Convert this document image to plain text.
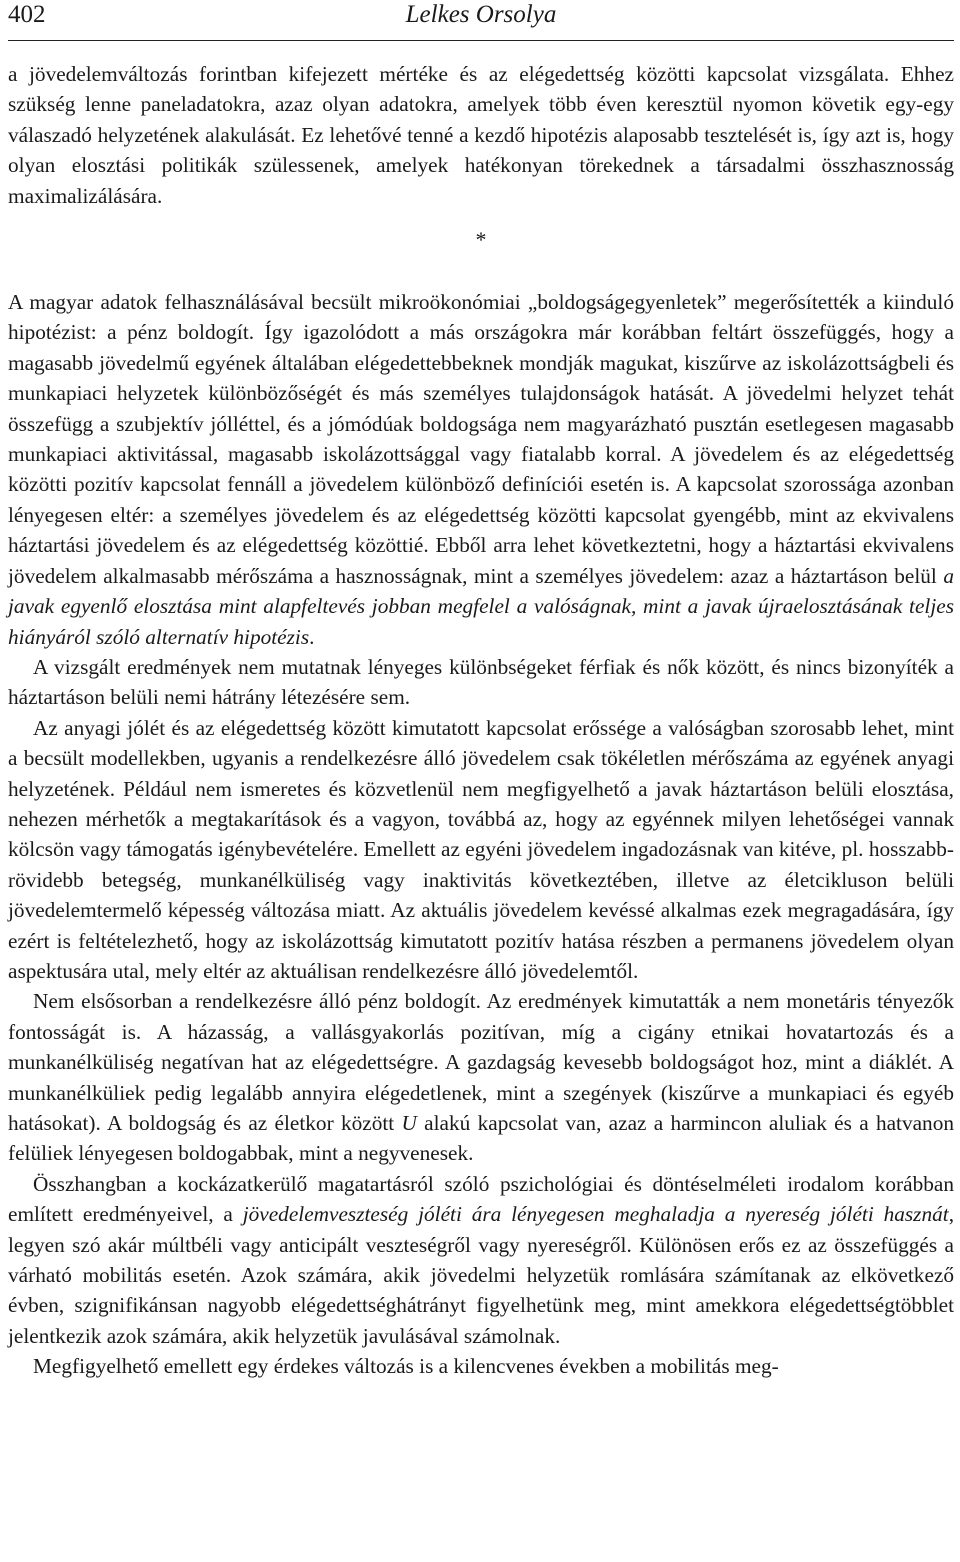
402	Lelkes Orsolya

a jövedelemváltozás forintban kifejezett mértéke és az elégedettség közötti kapcsolat vizsgálata. Ehhez szükség lenne paneladatokra, azaz olyan adatokra, amelyek több éven keresztül nyomon követik egy-egy válaszadó helyzetének alakulását. Ez lehetővé tenné a kezdő hipotézis alaposabb tesztelését is, így azt is, hogy olyan elosztási politikák szülessenek, amelyek hatékonyan törekednek a társadalmi összhasznosság maximalizálására.

*

A magyar adatok felhasználásával becsült mikroökonómiai „boldogságegyenletek” megerősítették a kiinduló hipotézist: a pénz boldogít. Így igazolódott a más országokra már korábban feltárt összefüggés, hogy a magasabb jövedelmű egyének általában elégedettebbeknek mondják magukat, kiszűrve az iskolázottságbeli és munkapiaci helyzetek különbözőségét és más személyes tulajdonságok hatását. A jövedelmi helyzet tehát összefügg a szubjektív jólléttel, és a jómódúak boldogsága nem magyarázható pusztán esetlegesen magasabb munkapiaci aktivitással, magasabb iskolázottsággal vagy fiatalabb korral. A jövedelem és az elégedettség közötti pozitív kapcsolat fennáll a jövedelem különböző definíciói esetén is. A kapcsolat szorossága azonban lényegesen eltér: a személyes jövedelem és az elégedettség közötti kapcsolat gyengébb, mint az ekvivalens háztartási jövedelem és az elégedettség közöttié. Ebből arra lehet következtetni, hogy a háztartási ekvivalens jövedelem alkalmasabb mérőszáma a hasznosságnak, mint a személyes jövedelem: azaz a háztartáson belül a javak egyenlő elosztása mint alapfeltevés jobban megfelel a valóságnak, mint a javak újraelosztásának teljes hiányáról szóló alternatív hipotézis.

A vizsgált eredmények nem mutatnak lényeges különbségeket férfiak és nők között, és nincs bizonyíték a háztartáson belüli nemi hátrány létezésére sem.

Az anyagi jólét és az elégedettség között kimutatott kapcsolat erőssége a valóságban szorosabb lehet, mint a becsült modellekben, ugyanis a rendelkezésre álló jövedelem csak tökéletlen mérőszáma az egyének anyagi helyzetének. Például nem ismeretes és közvetlenül nem megfigyelhető a javak háztartáson belüli elosztása, nehezen mérhetők a megtakarítások és a vagyon, továbbá az, hogy az egyénnek milyen lehetőségei vannak kölcsön vagy támogatás igénybevételére. Emellett az egyéni jövedelem ingadozásnak van kitéve, pl. hosszabb-rövidebb betegség, munkanélküliség vagy inaktivitás következtében, illetve az életcikluson belüli jövedelemtermelő képesség változása miatt. Az aktuális jövedelem kevéssé alkalmas ezek megragadására, így ezért is feltételezhető, hogy az iskolázottság kimutatott pozitív hatása részben a permanens jövedelem olyan aspektusára utal, mely eltér az aktuálisan rendelkezésre álló jövedelemtől.

Nem elsősorban a rendelkezésre álló pénz boldogít. Az eredmények kimutatták a nem monetáris tényezők fontosságát is. A házasság, a vallásgyakorlás pozitívan, míg a cigány etnikai hovatartozás és a munkanélküliség negatívan hat az elégedettségre. A gazdagság kevesebb boldogságot hoz, mint a diáklét. A munkanélküliek pedig legalább annyira elégedetlenek, mint a szegények (kiszűrve a munkapiaci és egyéb hatásokat). A boldogság és az életkor között U alakú kapcsolat van, azaz a harmincon aluliak és a hatvanon felüliek lényegesen boldogabbak, mint a negyvenesek.

Összhangban a kockázatkerülő magatartásról szóló pszichológiai és döntéselméleti irodalom korábban említett eredményeivel, a jövedelemveszteség jóléti ára lényegesen meghaladja a nyereség jóléti hasznát, legyen szó akár múltbéli vagy anticipált veszteségről vagy nyereségről. Különösen erős ez az összefüggés a várható mobilitás esetén. Azok számára, akik jövedelmi helyzetük romlására számítanak az elkövetkező évben, szignifikánsan nagyobb elégedettséghátrányt figyelhetünk meg, mint amekkora elégedettségtöbblet jelentkezik azok számára, akik helyzetük javulásával számolnak.

Megfigyelhető emellett egy érdekes változás is a kilencvenes években a mobilitás meg-
